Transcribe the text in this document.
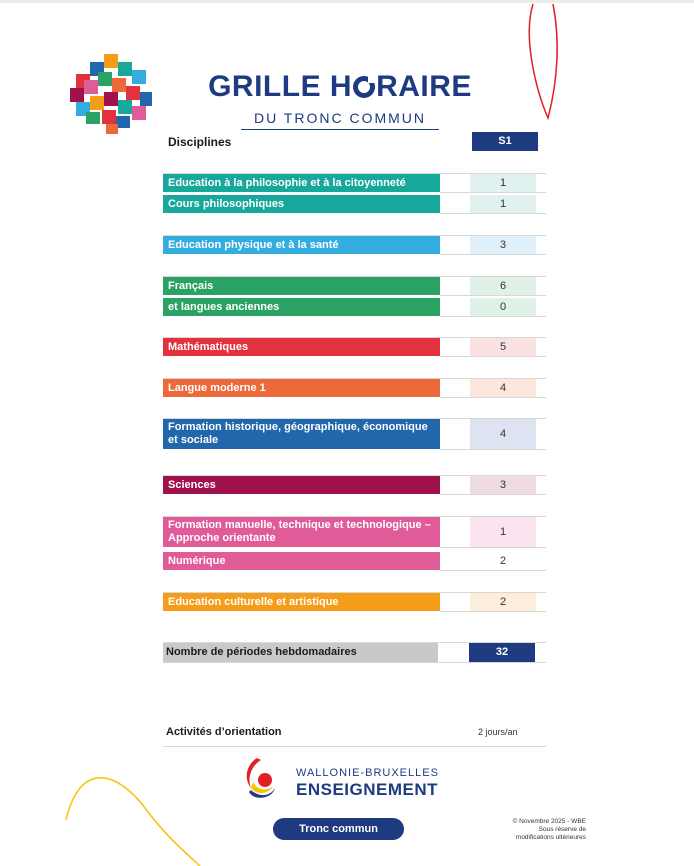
GRILLE H RAIRE
DU TRONC COMMUN
Disciplines	S1
Education à la philosophie et à la citoyenneté	1
Cours philosophiques	1
Education physique et à la santé	3
Français	6
et langues anciennes	0
Mathématiques	5
Langue moderne 1	4
Formation historique, géographique, économique et sociale	4
Sciences	3
Formation manuelle, technique et technologique – Approche orientante	1
Numérique	2
Education culturelle et artistique	2
Nombre de périodes hebdomadaires	32
Activités d’orientation	2 jours/an
WALLONIE-BRUXELLES
ENSEIGNEMENT
Tronc commun
© Novembre 2025 - WBE
Sous réserve de
modifications ultérieures
